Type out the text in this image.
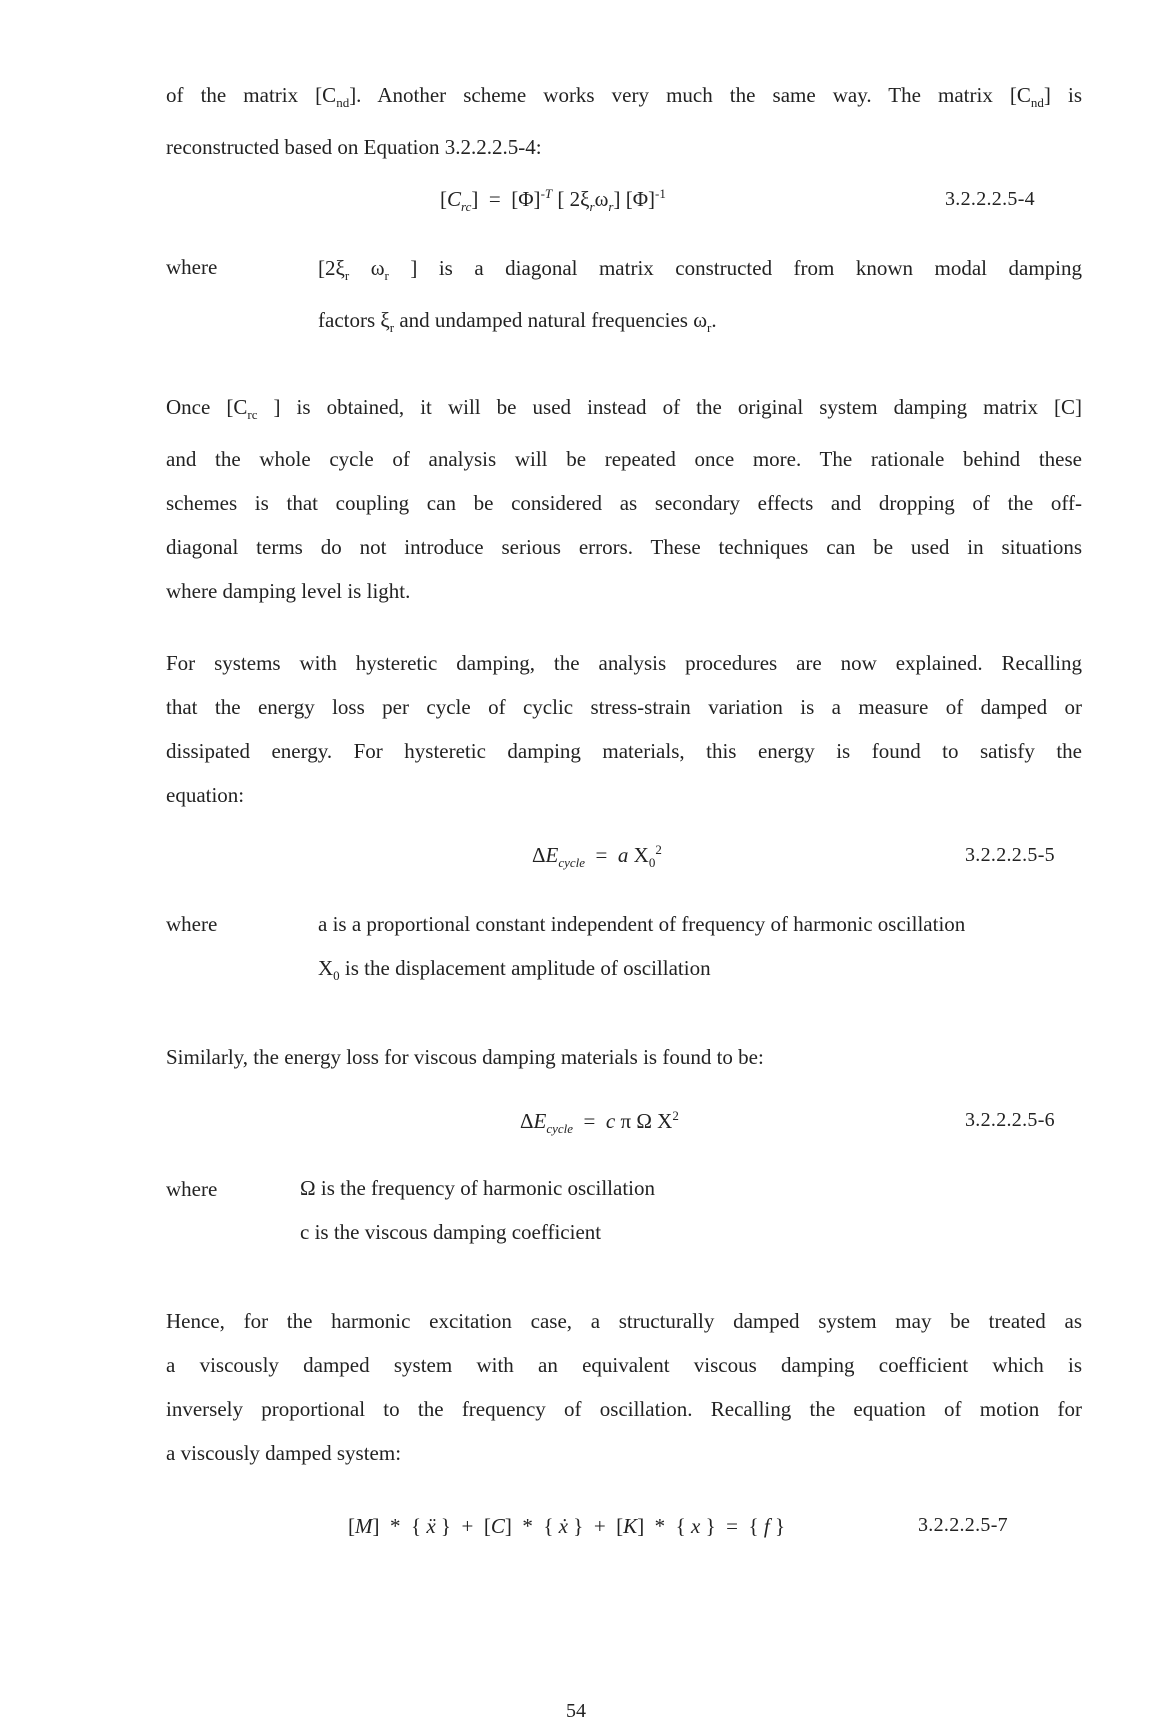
of the matrix $[C_{nd}]$. Another scheme works very much the same way. The matrix $[C_{nd}]$ is
reconstructed based on Equation 3.2.2.2.5-4:
$[C_{rc}] = [\Phi]^{-T}$ [ $2\xi_r\omega_r$] $[\Phi]^{-1}$	3.2.2.2.5-4
where	[$2\xi_r$ $\omega_r$ ] is a diagonal matrix constructed from known modal damping
factors $\xi_r$ and undamped natural frequencies $\omega_r$.
Once [$C_{rc}$ ] is obtained, it will be used instead of the original system damping matrix [C]
and the whole cycle of analysis will be repeated once more. The rationale behind these
schemes is that coupling can be considered as secondary effects and dropping of the off-
diagonal terms do not introduce serious errors. These techniques can be used in situations
where damping level is light.
For systems with hysteretic damping, the analysis procedures are now explained. Recalling
that the energy loss per cycle of cyclic stress-strain variation is a measure of damped or
dissipated energy. For hysteretic damping materials, this energy is found to satisfy the
equation:
$\Delta E_{cycle} = a$ $X_0^2$	3.2.2.2.5-5
where	a is a proportional constant independent of frequency of harmonic oscillation
$X_0$ is the displacement amplitude of oscillation
Similarly, the energy loss for viscous damping materials is found to be:
$\Delta E_{cycle} = c$ π Ω $X^2$	3.2.2.2.5-6
where	Ω is the frequency of harmonic oscillation
c is the viscous damping coefficient
Hence, for the harmonic excitation case, a structurally damped system may be treated as
a viscously damped system with an equivalent viscous damping coefficient which is
inversely proportional to the frequency of oscillation. Recalling the equation of motion for
a viscously damped system:
[M]  *  { ẍ }  +  [C]  *  { ẋ }  +  [K]  *  { x }  =  { f }	3.2.2.2.5-7
54
